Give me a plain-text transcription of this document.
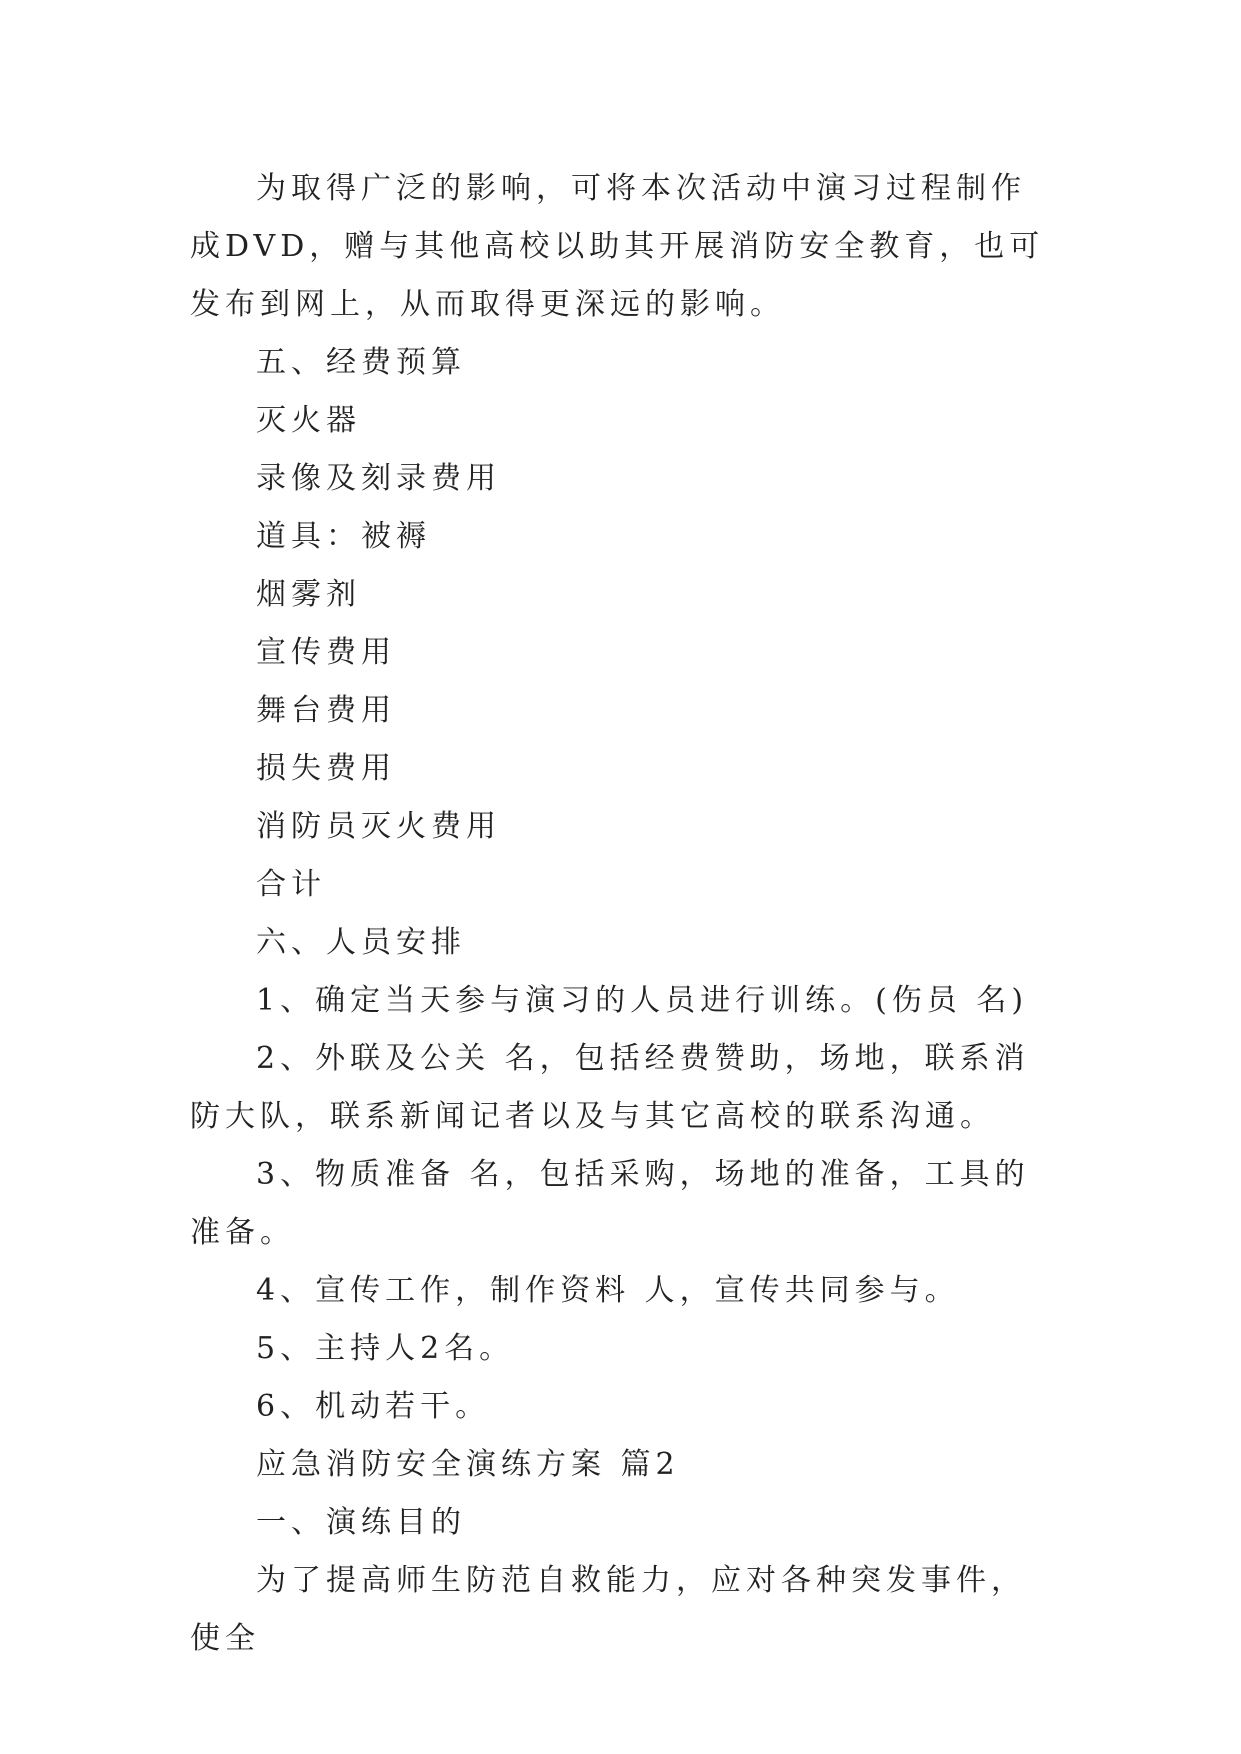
为取得广泛的影响，可将本次活动中演习过程制作成DVD，赠与其他高校以助其开展消防安全教育，也可发布到网上，从而取得更深远的影响。

五、经费预算

灭火器

录像及刻录费用

道具：被褥

烟雾剂

宣传费用

舞台费用

损失费用

消防员灭火费用

合计

六、人员安排

1、确定当天参与演习的人员进行训练。(伤员 名)

2、外联及公关 名，包括经费赞助，场地，联系消防大队，联系新闻记者以及与其它高校的联系沟通。

3、物质准备 名，包括采购，场地的准备，工具的准备。

4、宣传工作，制作资料 人，宣传共同参与。

5、主持人2名。

6、机动若干。

应急消防安全演练方案 篇2

一、演练目的

为了提高师生防范自救能力，应对各种突发事件，使全
